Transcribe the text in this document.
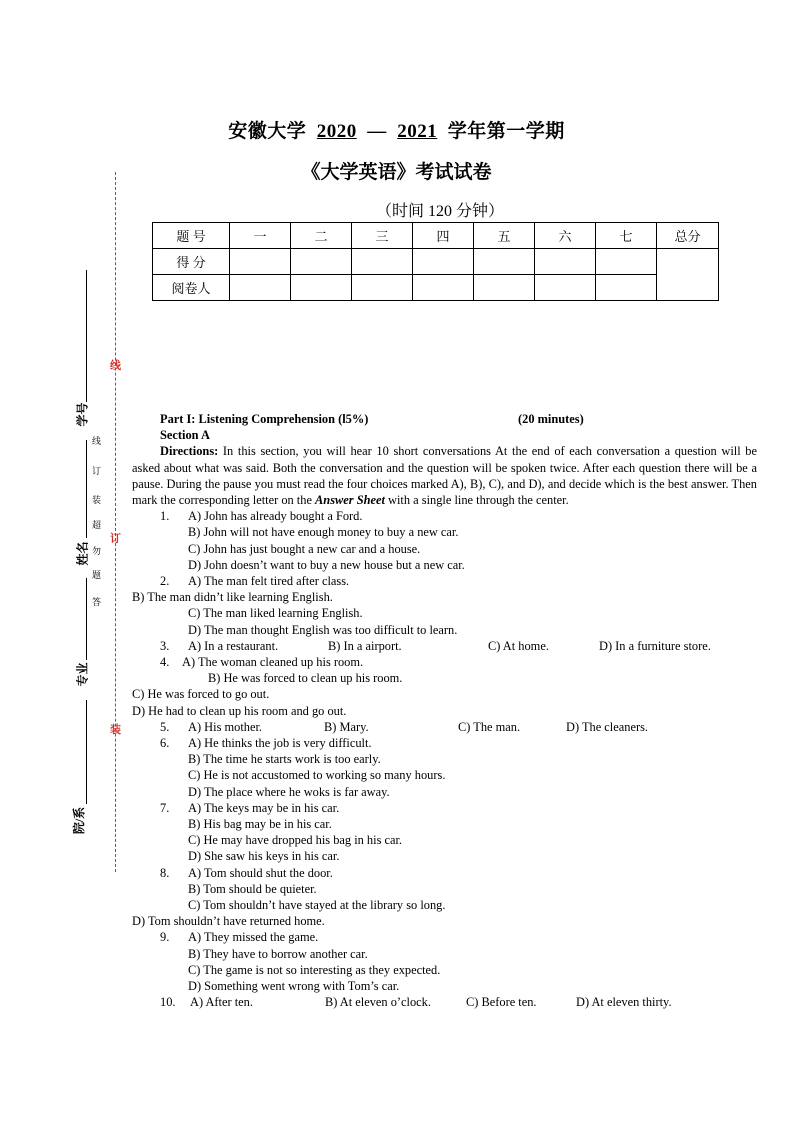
线
订
装
线
订
装
超
勿
题
答
学号
姓名
专业
院/系
安徽大学 2020 — 2021 学年第一学期
《大学英语》考试试卷
（时间 120 分钟）
题 号	一	二	三	四	五	六	七	总分
得 分								
阅卷人								
Part I: Listening Comprehension (l5%)	(20 minutes)

Section A

Directions: In this section, you will hear 10 short conversations At the end of each conversation a question will be asked about what was said. Both the conversation and the question will be spoken twice. After each question there will be a pause. During the pause you must read the four choices marked A), B), C), and D), and decide which is the best answer. Then mark the corresponding letter on the Answer Sheet with a single line through the center.

1. A) John has already bought a Ford.

B) John will not have enough money to buy a new car.

C) John has just bought a new car and a house.

D) John doesn’t want to buy a new house but a new car.

2. A) The man felt tired after class.

B) The man didn’t like learning English.

C) The man liked learning English.

D) The man thought English was too difficult to learn.

3. A) In a restaurant.	B) In a airport.	C) At home.	D) In a furniture store.
4. A) The woman cleaned up his room.

B) He was forced to clean up his room.

C) He was forced to go out.

D) He had to clean up his room and go out.

5. A) His mother.	B) Mary.	C) The man.	D) The cleaners.
6. A) He thinks the job is very difficult.

B) The time he starts work is too early.

C) He is not accustomed to working so many hours.

D) The place where he woks is far away.

7. A) The keys may be in his car.

B) His bag may be in his car.

C) He may have dropped his bag in his car.

D) She saw his keys in his car.

8. A) Tom should shut the door.

B) Tom should be quieter.

C) Tom shouldn’t have stayed at the library so long.

D) Tom shouldn’t have returned home.

9. A) They missed the game.

B) They have to borrow another car.

C) The game is not so interesting as they expected.

D) Something went wrong with Tom’s car.

10. A) After ten.	B) At eleven o’clock.	C) Before ten.	D) At eleven thirty.
